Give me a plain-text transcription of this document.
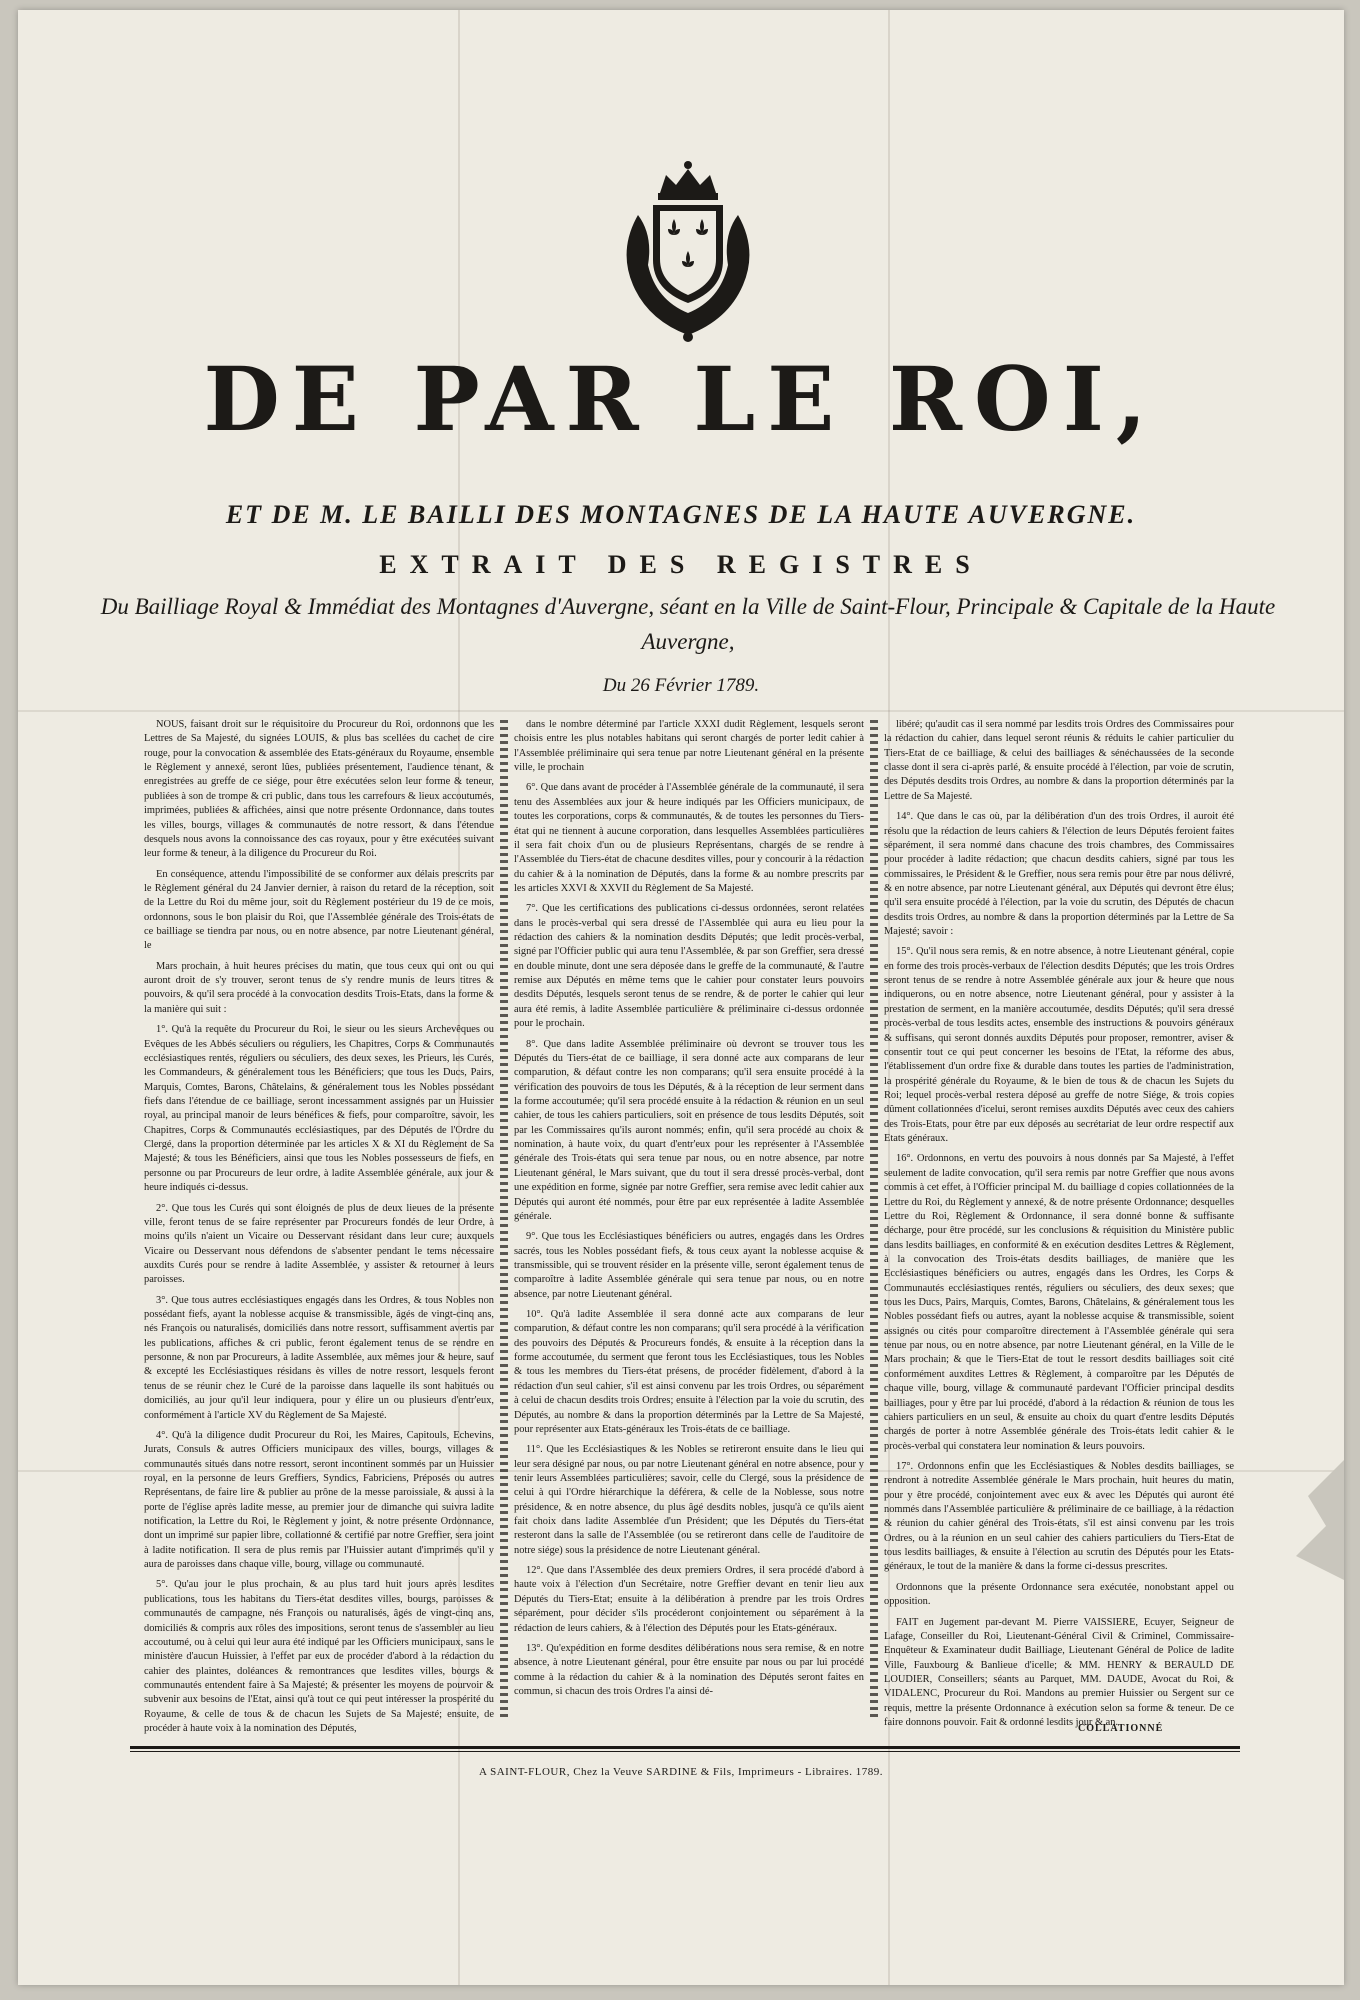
DE PAR LE ROI,
ET DE M. LE BAILLI DES MONTAGNES DE LA HAUTE AUVERGNE.
EXTRAIT DES REGISTRES
Du Bailliage Royal & Immédiat des Montagnes d'Auvergne, séant en la Ville de Saint-Flour, Principale & Capitale de la Haute Auvergne,
Du 26 Février 1789.

NOUS, faisant droit sur le réquisitoire du Procureur du Roi, ordonnons que les Lettres de Sa Majesté, du signées LOUIS, & plus bas scellées du cachet de cire rouge, pour la convocation & assemblée des Etats-généraux du Royaume, ensemble le Règlement y annexé, seront lûes, publiées présentement, l'audience tenant, & enregistrées au greffe de ce siége, pour être exécutées selon leur forme & teneur, publiées à son de trompe & cri public, dans tous les carrefours & lieux accoutumés, imprimées, publiées & affichées, ainsi que notre présente Ordonnance, dans toutes les villes, bourgs, villages & communautés de notre ressort, & dans l'étendue desquels nous avons la connoissance des cas royaux, pour y être exécutées suivant leur forme & teneur, à la diligence du Procureur du Roi.

En conséquence, attendu l'impossibilité de se conformer aux délais prescrits par le Règlement général du 24 Janvier dernier, à raison du retard de la réception, soit de la Lettre du Roi du même jour, soit du Règlement postérieur du 19 de ce mois, ordonnons, sous le bon plaisir du Roi, que l'Assemblée générale des Trois-états de ce bailliage se tiendra par nous, ou en notre absence, par notre Lieutenant général, le

Mars prochain, à huit heures précises du matin, que tous ceux qui ont ou qui auront droit de s'y trouver, seront tenus de s'y rendre munis de leurs titres & pouvoirs, & qu'il sera procédé à la convocation desdits Trois-Etats, dans la forme & la manière qui suit :

1°. Qu'à la requête du Procureur du Roi, le sieur ou les sieurs Archevêques ou Evêques de les Abbés séculiers ou réguliers, les Chapitres, Corps & Communautés ecclésiastiques rentés, réguliers ou séculiers, des deux sexes, les Prieurs, les Curés, les Commandeurs, & généralement tous les Bénéficiers; que tous les Ducs, Pairs, Marquis, Comtes, Barons, Châtelains, & généralement tous les Nobles possédant fiefs dans l'étendue de ce bailliage, seront incessamment assignés par un Huissier royal, au principal manoir de leurs bénéfices & fiefs, pour comparoître, savoir, les Chapitres, Corps & Communautés ecclésiastiques, par des Députés de l'Ordre du Clergé, dans la proportion déterminée par les articles X & XI du Règlement de Sa Majesté; & tous les Bénéficiers, ainsi que tous les Nobles possesseurs de fiefs, en personne ou par Procureurs de leur ordre, à ladite Assemblée générale, aux jour & heure indiqués ci-dessus.

2°. Que tous les Curés qui sont éloignés de plus de deux lieues de la présente ville, feront tenus de se faire représenter par Procureurs fondés de leur Ordre, à moins qu'ils n'aient un Vicaire ou Desservant résidant dans leur cure; auxquels Vicaire ou Desservant nous défendons de s'absenter pendant le tems nécessaire auxdits Curés pour se rendre à ladite Assemblée, y assister & retourner à leurs paroisses.

3°. Que tous autres ecclésiastiques engagés dans les Ordres, & tous Nobles non possédant fiefs, ayant la noblesse acquise & transmissible, âgés de vingt-cinq ans, nés François ou naturalisés, domiciliés dans notre ressort, suffisamment avertis par les publications, affiches & cri public, feront également tenus de se rendre en personne, & non par Procureurs, à ladite Assemblée, aux mêmes jour & heure, sauf & excepté les Ecclésiastiques résidans ès villes de notre ressort, lesquels feront tenus de se réunir chez le Curé de la paroisse dans laquelle ils sont habitués ou domiciliés, au jour qu'il leur indiquera, pour y élire un ou plusieurs d'entr'eux, conformément à l'article XV du Règlement de Sa Majesté.

4°. Qu'à la diligence dudit Procureur du Roi, les Maires, Capitouls, Echevins, Jurats, Consuls & autres Officiers municipaux des villes, bourgs, villages & communautés situés dans notre ressort, seront incontinent sommés par un Huissier royal, en la personne de leurs Greffiers, Syndics, Fabriciens, Préposés ou autres Représentans, de faire lire & publier au prône de la messe paroissiale, & aussi à la porte de l'église après ladite messe, au premier jour de dimanche qui suivra ladite notification, la Lettre du Roi, le Règlement y joint, & notre présente Ordonnance, dont un imprimé sur papier libre, collationné & certifié par notre Greffier, sera joint à ladite notification. Il sera de plus remis par l'Huissier autant d'imprimés qu'il y aura de paroisses dans chaque ville, bourg, village ou communauté.

5°. Qu'au jour le plus prochain, & au plus tard huit jours après lesdites publications, tous les habitans du Tiers-état desdites villes, bourgs, paroisses & communautés de campagne, nés François ou naturalisés, âgés de vingt-cinq ans, domiciliés & compris aux rôles des impositions, seront tenus de s'assembler au lieu accoutumé, ou à celui qui leur aura été indiqué par les Officiers municipaux, sans le ministère d'aucun Huissier, à l'effet par eux de procéder d'abord à la rédaction du cahier des plaintes, doléances & remontrances que lesdites villes, bourgs & communautés entendent faire à Sa Majesté; & présenter les moyens de pourvoir & subvenir aux besoins de l'Etat, ainsi qu'à tout ce qui peut intéresser la prospérité du Royaume, & celle de tous & de chacun les Sujets de Sa Majesté; ensuite, de procéder à haute voix à la nomination des Députés,

dans le nombre déterminé par l'article XXXI dudit Règlement, lesquels seront choisis entre les plus notables habitans qui seront chargés de porter ledit cahier à l'Assemblée préliminaire qui sera tenue par notre Lieutenant général en la présente ville, le prochain

6°. Que dans avant de procéder à l'Assemblée générale de la communauté, il sera tenu des Assemblées aux jour & heure indiqués par les Officiers municipaux, de toutes les corporations, corps & communautés, & de toutes les personnes du Tiers-état qui ne tiennent à aucune corporation, dans lesquelles Assemblées particulières il sera fait choix d'un ou de plusieurs Représentans, chargés de se rendre à l'Assemblée du Tiers-état de chacune desdites villes, pour y concourir à la rédaction du cahier & à la nomination de Députés, dans la forme & au nombre prescrits par les articles XXVI & XXVII du Règlement de Sa Majesté.

7°. Que les certifications des publications ci-dessus ordonnées, seront relatées dans le procès-verbal qui sera dressé de l'Assemblée qui aura eu lieu pour la rédaction des cahiers & la nomination desdits Députés; que ledit procès-verbal, signé par l'Officier public qui aura tenu l'Assemblée, & par son Greffier, sera dressé en double minute, dont une sera déposée dans le greffe de la communauté, & l'autre remise aux Députés en même tems que le cahier pour constater leurs pouvoirs desdits Députés, lesquels seront tenus de se rendre, & de porter le cahier qui leur aura été remis, à ladite Assemblée particulière & préliminaire ci-dessus ordonnée pour le prochain.

8°. Que dans ladite Assemblée préliminaire où devront se trouver tous les Députés du Tiers-état de ce bailliage, il sera donné acte aux comparans de leur comparution, & défaut contre les non comparans; qu'il sera ensuite procédé à la vérification des pouvoirs de tous les Députés, & à la réception de leur serment dans la forme accoutumée; qu'il sera procédé ensuite à la rédaction & réunion en un seul cahier, de tous les cahiers particuliers, soit en présence de tous lesdits Députés, soit par les Commissaires qu'ils auront nommés; enfin, qu'il sera procédé au choix & nomination, à haute voix, du quart d'entr'eux pour les représenter à l'Assemblée générale des Trois-états qui sera tenue par nous, ou en notre absence, par notre Lieutenant général, le Mars suivant, que du tout il sera dressé procès-verbal, dont une expédition en forme, signée par notre Greffier, sera remise avec ledit cahier aux Députés qui auront été nommés, pour être par eux représentée à ladite Assemblée générale.

9°. Que tous les Ecclésiastiques bénéficiers ou autres, engagés dans les Ordres sacrés, tous les Nobles possédant fiefs, & tous ceux ayant la noblesse acquise & transmissible, qui se trouvent résider en la présente ville, seront également tenus de comparoître à ladite Assemblée générale qui sera tenue par nous, ou en notre absence, par notre Lieutenant général.

10°. Qu'à ladite Assemblée il sera donné acte aux comparans de leur comparution, & défaut contre les non comparans; qu'il sera procédé à la vérification des pouvoirs des Députés & Procureurs fondés, & ensuite à la réception dans la forme accoutumée, du serment que feront tous les Ecclésiastiques, tous les Nobles & tous les membres du Tiers-état présens, de procéder fidèlement, d'abord à la rédaction d'un seul cahier, s'il est ainsi convenu par les trois Ordres, ou séparément à celui de chacun desdits trois Ordres; ensuite à l'élection par la voie du scrutin, des Députés, au nombre & dans la proportion déterminés par la Lettre de Sa Majesté, pour représenter aux Etats-généraux les Trois-états de ce bailliage.

11°. Que les Ecclésiastiques & les Nobles se retireront ensuite dans le lieu qui leur sera désigné par nous, ou par notre Lieutenant général en notre absence, pour y tenir leurs Assemblées particulières; savoir, celle du Clergé, sous la présidence de celui à qui l'Ordre hiérarchique la déférera, & celle de la Noblesse, sous notre présidence, & en notre absence, du plus âgé desdits nobles, jusqu'à ce qu'ils aient fait choix dans ladite Assemblée d'un Président; que les Députés du Tiers-état resteront dans la salle de l'Assemblée (ou se retireront dans celle de l'auditoire de notre siége) sous la présidence de notre Lieutenant général.

12°. Que dans l'Assemblée des deux premiers Ordres, il sera procédé d'abord à haute voix à l'élection d'un Secrétaire, notre Greffier devant en tenir lieu aux Députés du Tiers-Etat; ensuite à la délibération à prendre par les trois Ordres séparément, pour décider s'ils procéderont conjointement ou séparément à la rédaction de leurs cahiers, & à l'élection des Députés pour les Etats-généraux.

13°. Qu'expédition en forme desdites délibérations nous sera remise, & en notre absence, à notre Lieutenant général, pour être ensuite par nous ou par lui procédé comme à la rédaction du cahier & à la nomination des Députés seront faites en commun, si chacun des trois Ordres l'a ainsi dé-

libéré; qu'audit cas il sera nommé par lesdits trois Ordres des Commissaires pour la rédaction du cahier, dans lequel seront réunis & réduits le cahier particulier du Tiers-Etat de ce bailliage, & celui des bailliages & sénéchaussées de la seconde classe dont il sera ci-après parlé, & ensuite procédé à l'élection, par voie de scrutin, des Députés desdits trois Ordres, au nombre & dans la proportion déterminés par la Lettre de Sa Majesté.

14°. Que dans le cas où, par la délibération d'un des trois Ordres, il auroit été résolu que la rédaction de leurs cahiers & l'élection de leurs Députés feroient faites séparément, il sera nommé dans chacune des trois chambres, des Commissaires pour procéder à ladite rédaction; que chacun desdits cahiers, signé par tous les commissaires, le Président & le Greffier, nous sera remis pour être par nous délivré, & en notre absence, par notre Lieutenant général, aux Députés qui devront être élus; qu'il sera ensuite procédé à l'élection, par la voie du scrutin, des Députés de chacun desdits trois Ordres, au nombre & dans la proportion déterminés par la Lettre de Sa Majesté; savoir :

15°. Qu'il nous sera remis, & en notre absence, à notre Lieutenant général, copie en forme des trois procès-verbaux de l'élection desdits Députés; que les trois Ordres seront tenus de se rendre à notre Assemblée générale aux jour & heure que nous indiquerons, ou en notre absence, notre Lieutenant général, pour y assister à la prestation de serment, en la manière accoutumée, desdits Députés; qu'il sera dressé procès-verbal de tous lesdits actes, ensemble des instructions & pouvoirs généraux & suffisans, qui seront donnés auxdits Députés pour proposer, remontrer, aviser & consentir tout ce qui peut concerner les besoins de l'Etat, la réforme des abus, l'établissement d'un ordre fixe & durable dans toutes les parties de l'administration, la prospérité générale du Royaume, & le bien de tous & de chacun les Sujets du Roi; lequel procès-verbal restera déposé au greffe de notre Siége, & trois copies dûment collationnées d'icelui, seront remises auxdits Députés avec ceux des cahiers des Trois-Etats, pour être par eux déposés au secrétariat de leur ordre respectif aux Etats généraux.

16°. Ordonnons, en vertu des pouvoirs à nous donnés par Sa Majesté, à l'effet seulement de ladite convocation, qu'il sera remis par notre Greffier que nous avons commis à cet effet, à l'Officier principal M. du bailliage d copies collationnées de la Lettre du Roi, du Règlement y annexé, & de notre présente Ordonnance; desquelles Lettre du Roi, Règlement & Ordonnance, il sera donné bonne & suffisante décharge, pour être procédé, sur les conclusions & réquisition du Ministère public dans lesdits bailliages, en conformité & en exécution desdites Lettres & Règlement, à la convocation des Trois-états desdits bailliages, de manière que les Ecclésiastiques bénéficiers ou autres, engagés dans les Ordres, les Corps & Communautés ecclésiastiques rentés, réguliers ou séculiers, des deux sexes; que tous les Ducs, Pairs, Marquis, Comtes, Barons, Châtelains, & généralement tous les Nobles possédant fiefs ou autres, ayant la noblesse acquise & transmissible, soient assignés ou cités pour comparoître directement à l'Assemblée générale qui sera tenue par nous, ou en notre absence, par notre Lieutenant général, en la Ville de le Mars prochain; & que le Tiers-Etat de tout le ressort desdits bailliages soit cité conformément auxdites Lettres & Règlement, à comparoître par les Députés de chaque ville, bourg, village & communauté pardevant l'Officier principal desdits bailliages, pour y être par lui procédé, d'abord à la rédaction & réunion de tous les cahiers particuliers en un seul, & ensuite au choix du quart d'entre lesdits Députés chargés de porter à notre Assemblée générale des Trois-états ledit cahier & le procès-verbal qui constatera leur nomination & leurs pouvoirs.

17°. Ordonnons enfin que les Ecclésiastiques & Nobles desdits bailliages, se rendront à notredite Assemblée générale le Mars prochain, huit heures du matin, pour y être procédé, conjointement avec eux & avec les Députés qui auront été nommés dans l'Assemblée particulière & préliminaire de ce bailliage, à la rédaction & réunion du cahier général des Trois-états, s'il est ainsi convenu par les trois Ordres, ou à la réunion en un seul cahier des cahiers particuliers du Tiers-Etat de tous lesdits bailliages, & ensuite à l'élection au scrutin des Députés pour les Etats-généraux, le tout de la manière & dans la forme ci-dessus prescrites.

Ordonnons que la présente Ordonnance sera exécutée, nonobstant appel ou opposition.

FAIT en Jugement par-devant M. Pierre VAISSIERE, Ecuyer, Seigneur de Lafage, Conseiller du Roi, Lieutenant-Général Civil & Criminel, Commissaire-Enquêteur & Examinateur dudit Bailliage, Lieutenant Général de Police de ladite Ville, Fauxbourg & Banlieue d'icelle; & MM. HENRY & BERAULD DE LOUDIER, Conseillers; séants au Parquet, MM. DAUDE, Avocat du Roi, & VIDALENC, Procureur du Roi. Mandons au premier Huissier ou Sergent sur ce requis, mettre la présente Ordonnance à exécution selon sa forme & teneur. De ce faire donnons pouvoir. Fait & ordonné lesdits jour & an.

COLLATIONNÉ
A SAINT-FLOUR, Chez la Veuve SARDINE & Fils, Imprimeurs - Libraires. 1789.
